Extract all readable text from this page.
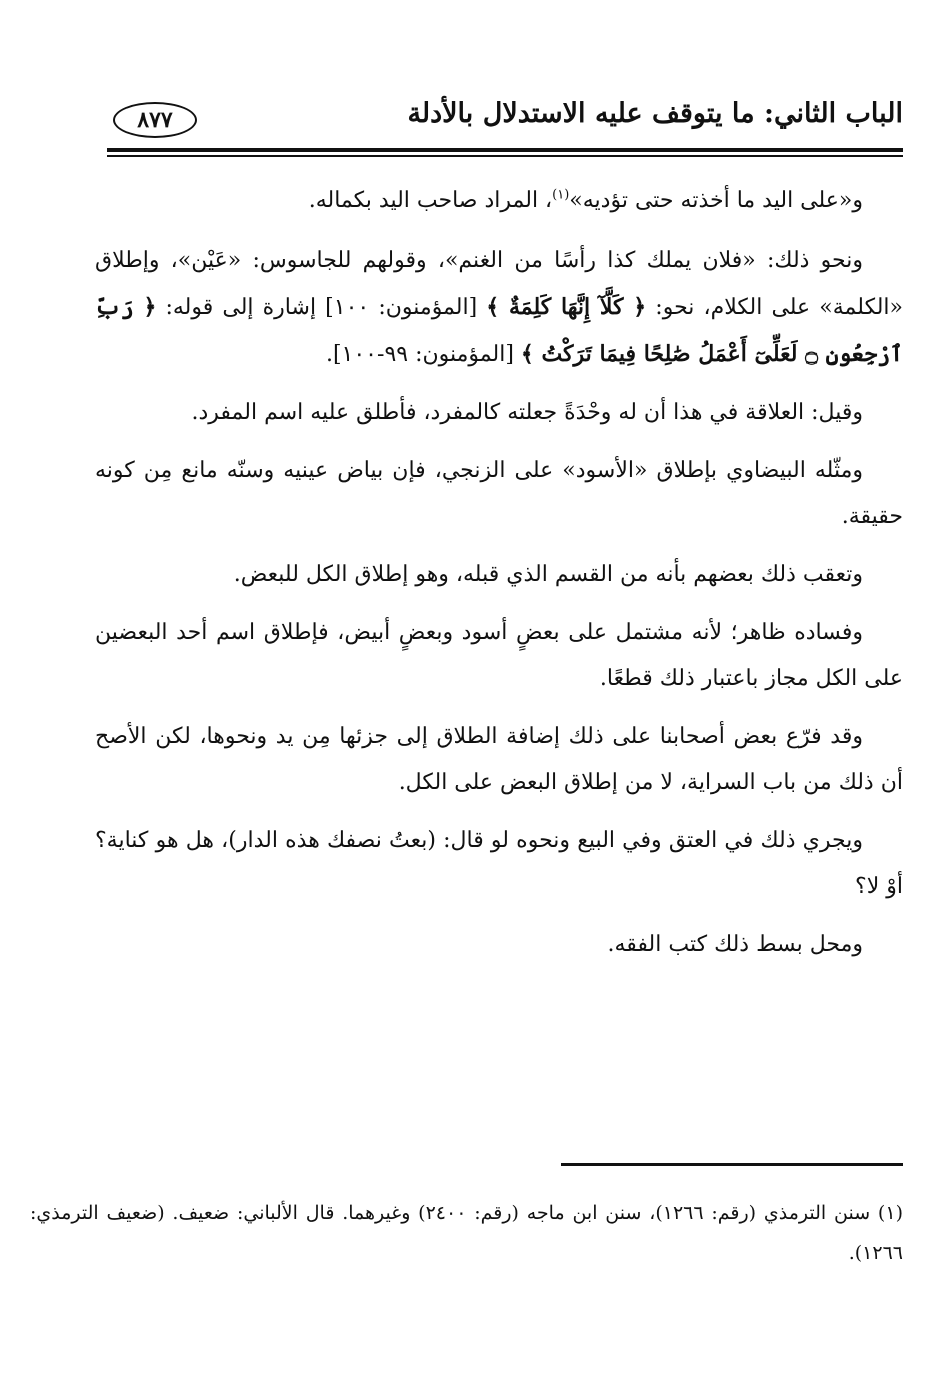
الباب الثاني: ما يتوقف عليه الاستدلال بالأدلة
٨٧٧

و«على اليد ما أخذته حتى تؤديه»$^{(١)}$، المراد صاحب اليد بكماله.

ونحو ذلك: «فلان يملك كذا رأسًا من الغنم»، وقولهم للجاسوس: «عَيْن»، وإطلاق «الكلمة» على الكلام، نحو: ﴿ كَلَّآ إِنَّهَا كَلِمَةٌ ﴾ [المؤمنون: ١٠٠] إشارة إلى قوله: ﴿ رَبِّ ٱرْجِعُونِ ۝ لَعَلِّىٓ أَعْمَلُ صَٰلِحًا فِيمَا تَرَكْتُ ﴾ [المؤمنون: ٩٩-١٠٠].

وقيل: العلاقة في هذا أن له وحْدَةً جعلته كالمفرد، فأطلق عليه اسم المفرد.

ومثّله البيضاوي بإطلاق «الأسود» على الزنجي، فإن بياض عينيه وسنّه مانع مِن كونه حقيقة.

وتعقب ذلك بعضهم بأنه من القسم الذي قبله، وهو إطلاق الكل للبعض.

وفساده ظاهر؛ لأنه مشتمل على بعضٍ أسود وبعضٍ أبيض، فإطلاق اسم أحد البعضين على الكل مجاز باعتبار ذلك قطعًا.

وقد فرّع بعض أصحابنا على ذلك إضافة الطلاق إلى جزئها مِن يد ونحوها، لكن الأصح أن ذلك من باب السراية، لا من إطلاق البعض على الكل.

ويجري ذلك في العتق وفي البيع ونحوه لو قال: (بعتُ نصفك هذه الدار)، هل هو كناية؟ أوْ لا؟

ومحل بسط ذلك كتب الفقه.

(١) سنن الترمذي (رقم: ١٢٦٦)، سنن ابن ماجه (رقم: ٢٤٠٠) وغيرهما. قال الألباني: ضعيف. (ضعيف الترمذي: ١٢٦٦).
